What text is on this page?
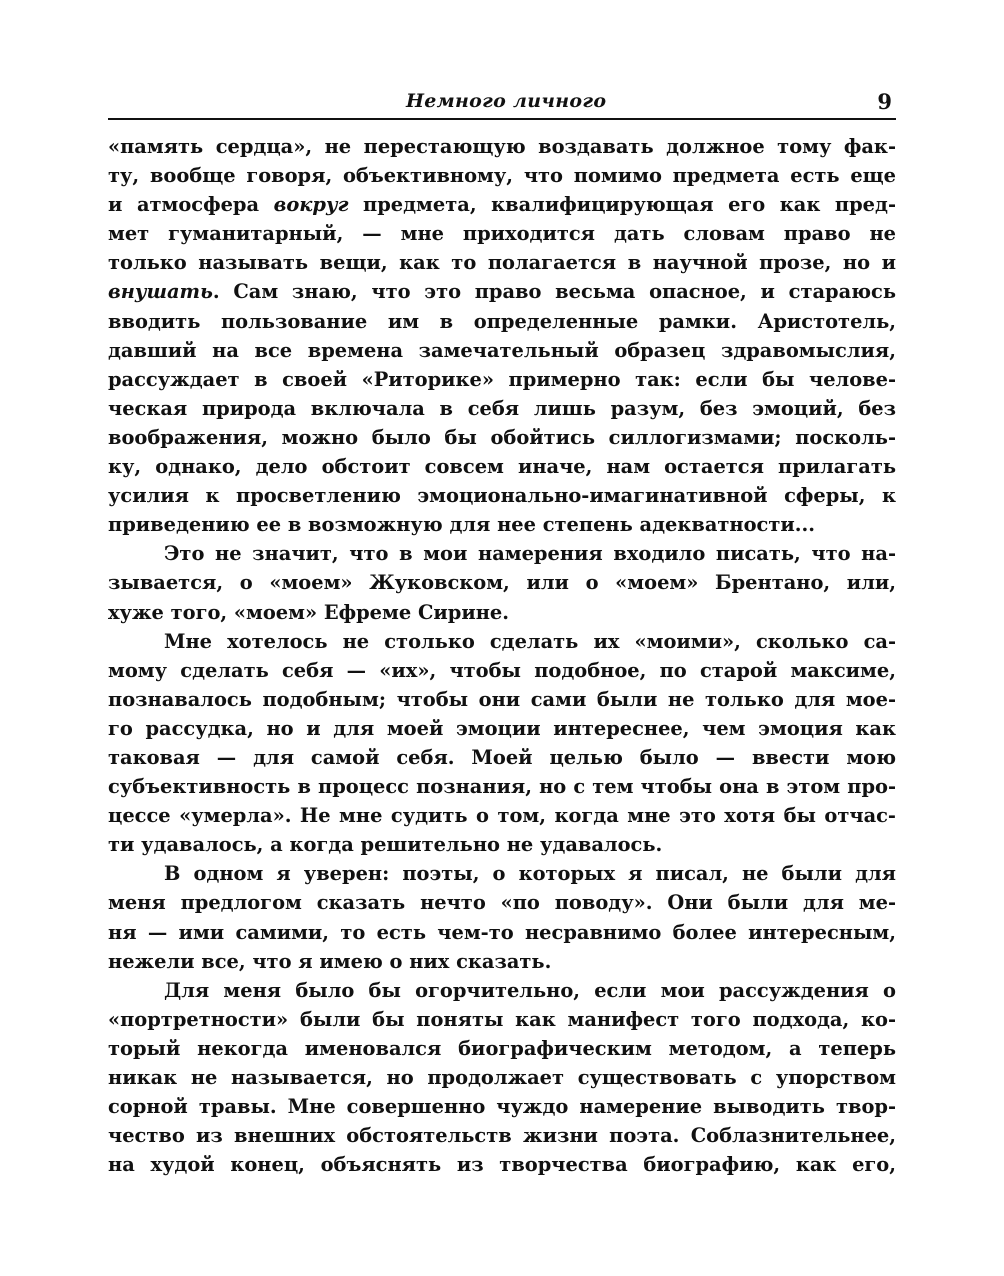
Немного личного	9
«память сердца», не перестающую воздавать должное тому фак-
ту, вообще говоря, объективному, что помимо предмета есть еще
и атмосфера вокруг предмета, квалифицирующая его как пред-
мет гуманитарный, — мне приходится дать словам право не
только называть вещи, как то полагается в научной прозе, но и
внушать. Сам знаю, что это право весьма опасное, и стараюсь
вводить пользование им в определенные рамки. Аристотель,
давший на все времена замечательный образец здравомыслия,
рассуждает в своей «Риторике» примерно так: если бы челове-
ческая природа включала в себя лишь разум, без эмоций, без
воображения, можно было бы обойтись силлогизмами; посколь-
ку, однако, дело обстоит совсем иначе, нам остается прилагать
усилия к просветлению эмоционально-имагинативной сферы, к
приведению ее в возможную для нее степень адекватности...
Это не значит, что в мои намерения входило писать, что на-
зывается, о «моем» Жуковском, или о «моем» Брентано, или,
хуже того, «моем» Ефреме Сирине.
Мне хотелось не столько сделать их «моими», сколько са-
мому сделать себя — «их», чтобы подобное, по старой максиме,
познавалось подобным; чтобы они сами были не только для мое-
го рассудка, но и для моей эмоции интереснее, чем эмоция как
таковая — для самой себя. Моей целью было — ввести мою
субъективность в процесс познания, но с тем чтобы она в этом про-
цессе «умерла». Не мне судить о том, когда мне это хотя бы отчас-
ти удавалось, а когда решительно не удавалось.
В одном я уверен: поэты, о которых я писал, не были для
меня предлогом сказать нечто «по поводу». Они были для ме-
ня — ими самими, то есть чем-то несравнимо более интересным,
нежели все, что я имею о них сказать.
Для меня было бы огорчительно, если мои рассуждения о
«портретности» были бы поняты как манифест того подхода, ко-
торый некогда именовался биографическим методом, а теперь
никак не называется, но продолжает существовать с упорством
сорной травы. Мне совершенно чуждо намерение выводить твор-
чество из внешних обстоятельств жизни поэта. Соблазнительнее,
на худой конец, объяснять из творчества биографию, как его,
